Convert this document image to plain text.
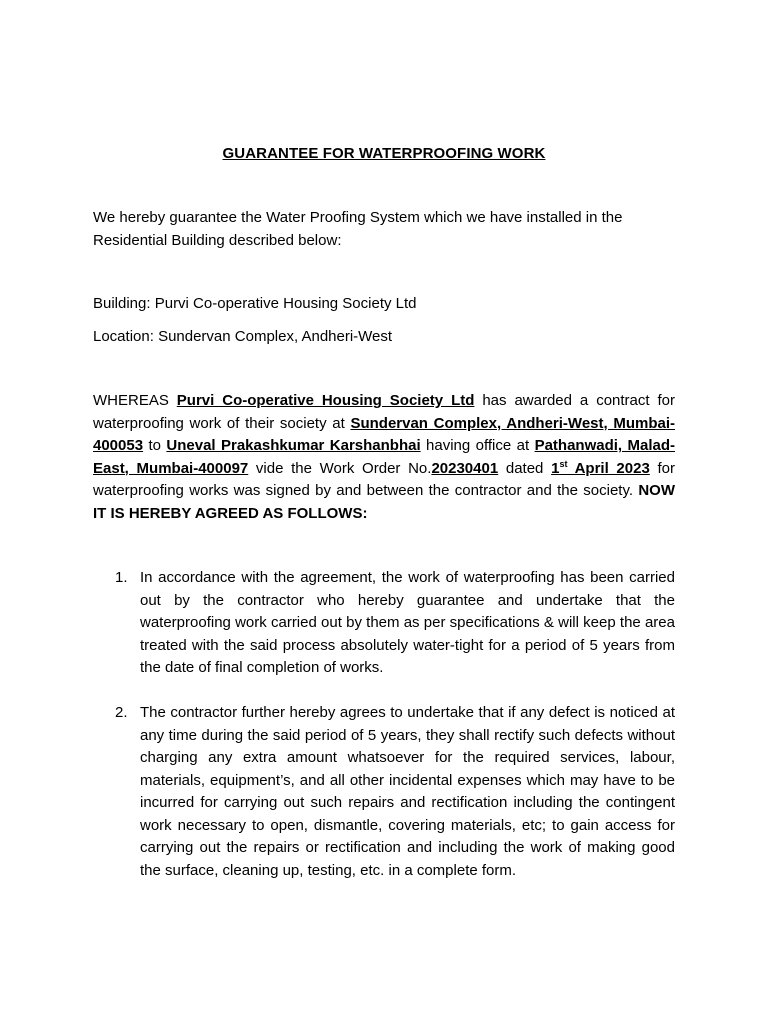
GUARANTEE FOR WATERPROOFING WORK
We hereby guarantee the Water Proofing System which we have installed in the Residential Building described below:
Building: Purvi Co-operative Housing Society Ltd
Location: Sundervan Complex, Andheri-West
WHEREAS Purvi Co-operative Housing Society Ltd has awarded a contract for waterproofing work of their society at Sundervan Complex, Andheri-West, Mumbai-400053 to Uneval Prakashkumar Karshanbhai having office at Pathanwadi, Malad-East, Mumbai-400097 vide the Work Order No.20230401 dated 1st April 2023 for waterproofing works was signed by and between the contractor and the society. NOW IT IS HEREBY AGREED AS FOLLOWS:
1. In accordance with the agreement, the work of waterproofing has been carried out by the contractor who hereby guarantee and undertake that the waterproofing work carried out by them as per specifications & will keep the area treated with the said process absolutely water-tight for a period of 5 years from the date of final completion of works.
2. The contractor further hereby agrees to undertake that if any defect is noticed at any time during the said period of 5 years, they shall rectify such defects without charging any extra amount whatsoever for the required services, labour, materials, equipment’s, and all other incidental expenses which may have to be incurred for carrying out such repairs and rectification including the contingent work necessary to open, dismantle, covering materials, etc; to gain access for carrying out the repairs or rectification and including the work of making good the surface, cleaning up, testing, etc. in a complete form.
